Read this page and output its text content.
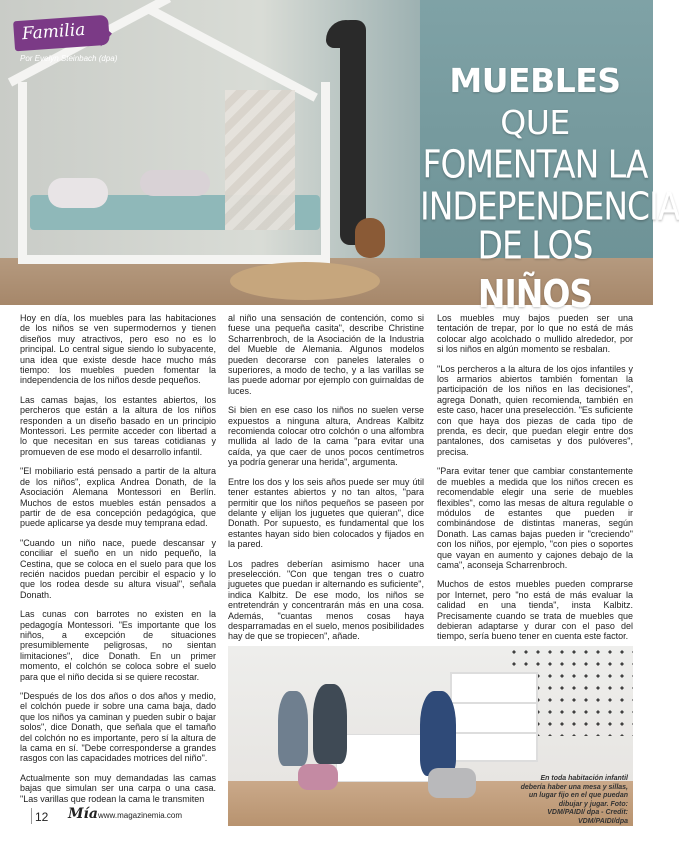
Familia
Por Evelyn Steinbach (dpa)
MUEBLES QUE
FOMENTAN LA
INDEPENDENCIA
DE LOS NIÑOS

Hoy en día, los muebles para las habitaciones de los niños se ven supermodernos y tienen diseños muy atractivos, pero eso no es lo principal. Lo central sigue siendo lo subyacente, una idea que existe desde hace mucho más tiempo: los muebles pueden fomentar la independencia de los niños desde pequeños.

Las camas bajas, los estantes abiertos, los percheros que están a la altura de los niños responden a un diseño basado en un principio Montessori. Les permite acceder con libertad a lo que necesitan en sus tareas cotidianas y promueven de ese modo el desarrollo infantil.

"El mobiliario está pensado a partir de la altura de los niños", explica Andrea Donath, de la Asociación Alemana Montessori en Berlín. Muchos de estos muebles están pensados a partir de de esa concepción pedagógica, que puede aplicarse ya desde muy temprana edad.

"Cuando un niño nace, puede descansar y conciliar el sueño en un nido pequeño, la Cestina, que se coloca en el suelo para que los recién nacidos puedan percibir el espacio y lo que los rodea desde su altura visual", señala Donath.

Las cunas con barrotes no existen en la pedagogía Montessori. "Es importante que los niños, a excepción de situaciones presumiblemente peligrosas, no sientan limitaciones", dice Donath. En un primer momento, el colchón se coloca sobre el suelo para que el niño decida si se quiere recostar.

"Después de los dos años o dos años y medio, el colchón puede ir sobre una cama baja, dado que los niños ya caminan y pueden subir o bajar solos", dice Donath, que señala que el tamaño del colchón no es importante, pero sí la altura de la cama en sí. "Debe corresponderse a grandes rasgos con las capacidades motrices del niño".

Actualmente son muy demandadas las camas bajas que simulan ser una carpa o una casa. "Las varillas que rodean la cama le transmiten

al niño una sensación de contención, como si fuese una pequeña casita", describe Christine Scharrenbroch, de la Asociación de la Industria del Mueble de Alemania. Algunos modelos pueden decorarse con paneles laterales o superiores, a modo de techo, y a las varillas se las puede adornar por ejemplo con guirnaldas de luces.

Si bien en ese caso los niños no suelen verse expuestos a ninguna altura, Andreas Kalbitz recomienda colocar otro colchón o una alfombra mullida al lado de la cama "para evitar una caída, ya que caer de unos pocos centímetros ya podría generar una herida", argumenta.

Entre los dos y los seis años puede ser muy útil tener estantes abiertos y no tan altos, "para permitir que los niños pequeños se paseen por delante y elijan los juguetes que quieran", dice Donath. Por supuesto, es fundamental que los estantes hayan sido bien colocados y fijados en la pared.

Los padres deberían asimismo hacer una preselección. "Con que tengan tres o cuatro juguetes que puedan ir alternando es suficiente", indica Kalbitz. De ese modo, los niños se entretendrán y concentrarán más en una cosa. Además, "cuantas menos cosas haya desparramadas en el suelo, menos posibilidades hay de que se tropiecen", añade.

Los muebles muy bajos pueden ser una tentación de trepar, por lo que no está de más colocar algo acolchado o mullido alrededor, por si los niños en algún momento se resbalan.

"Los percheros a la altura de los ojos infantiles y los armarios abiertos también fomentan la participación de los niños en las decisiones", agrega Donath, quien recomienda, también en este caso, hacer una preselección. "Es suficiente con que haya dos piezas de cada tipo de prenda, es decir, que puedan elegir entre dos pantalones, dos camisetas y dos pulóveres", precisa.

"Para evitar tener que cambiar constantemente de muebles a medida que los niños crecen es recomendable elegir una serie de muebles flexibles", como las mesas de altura regulable o módulos de estantes que pueden ir combinándose de distintas maneras, según Donath. Las camas bajas pueden ir "creciendo" con los niños, por ejemplo, "con pies o soportes que vayan en aumento y cajones debajo de la cama", aconseja Scharrenbroch.

Muchos de estos muebles pueden comprarse por Internet, pero "no está de más evaluar la calidad en una tienda", insta Kalbitz. Precisamente cuando se trata de muebles que debieran adaptarse y durar con el paso del tiempo, sería bueno tener en cuenta este factor.

En toda habitación infantil debería haber una mesa y sillas, un lugar fijo en el que puedan dibujar y jugar. Foto: VDM/PAIDI/ dpa - Credit: VDM/PAIDI/dpa
12 Mía www.magazinemia.com
